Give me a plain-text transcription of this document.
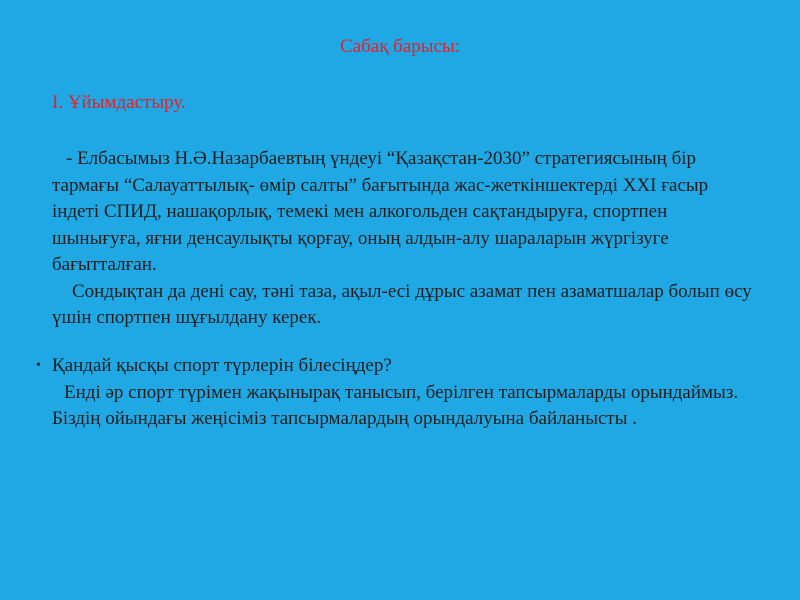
Сабақ барысы:
І. Ұйымдастыру.

- Елбасымыз Н.Ә.Назарбаевтың үндеуі “Қазақстан-2030” стратегиясының бір тармағы “Салауаттылық- өмір салты” бағытында жас-жеткіншектерді XXI ғасыр індеті СПИД, нашақорлық, темекі мен алкогольден сақтандыруға, спортпен шынығуға, яғни денсаулықты қорғау, оның алдын-алу шараларын жүргізуге бағытталған.

Сондықтан да дені сау, тәні таза, ақыл-есі дұрыс азамат пен азаматшалар болып өсу үшін спортпен шұғылдану керек.

• Қандай қысқы спорт түрлерін білесіңдер?

Енді әр спорт түрімен жақынырақ танысып, берілген тапсырмаларды орындаймыз. Біздің ойындағы жеңісіміз тапсырмалардың орындалуына байланысты .
